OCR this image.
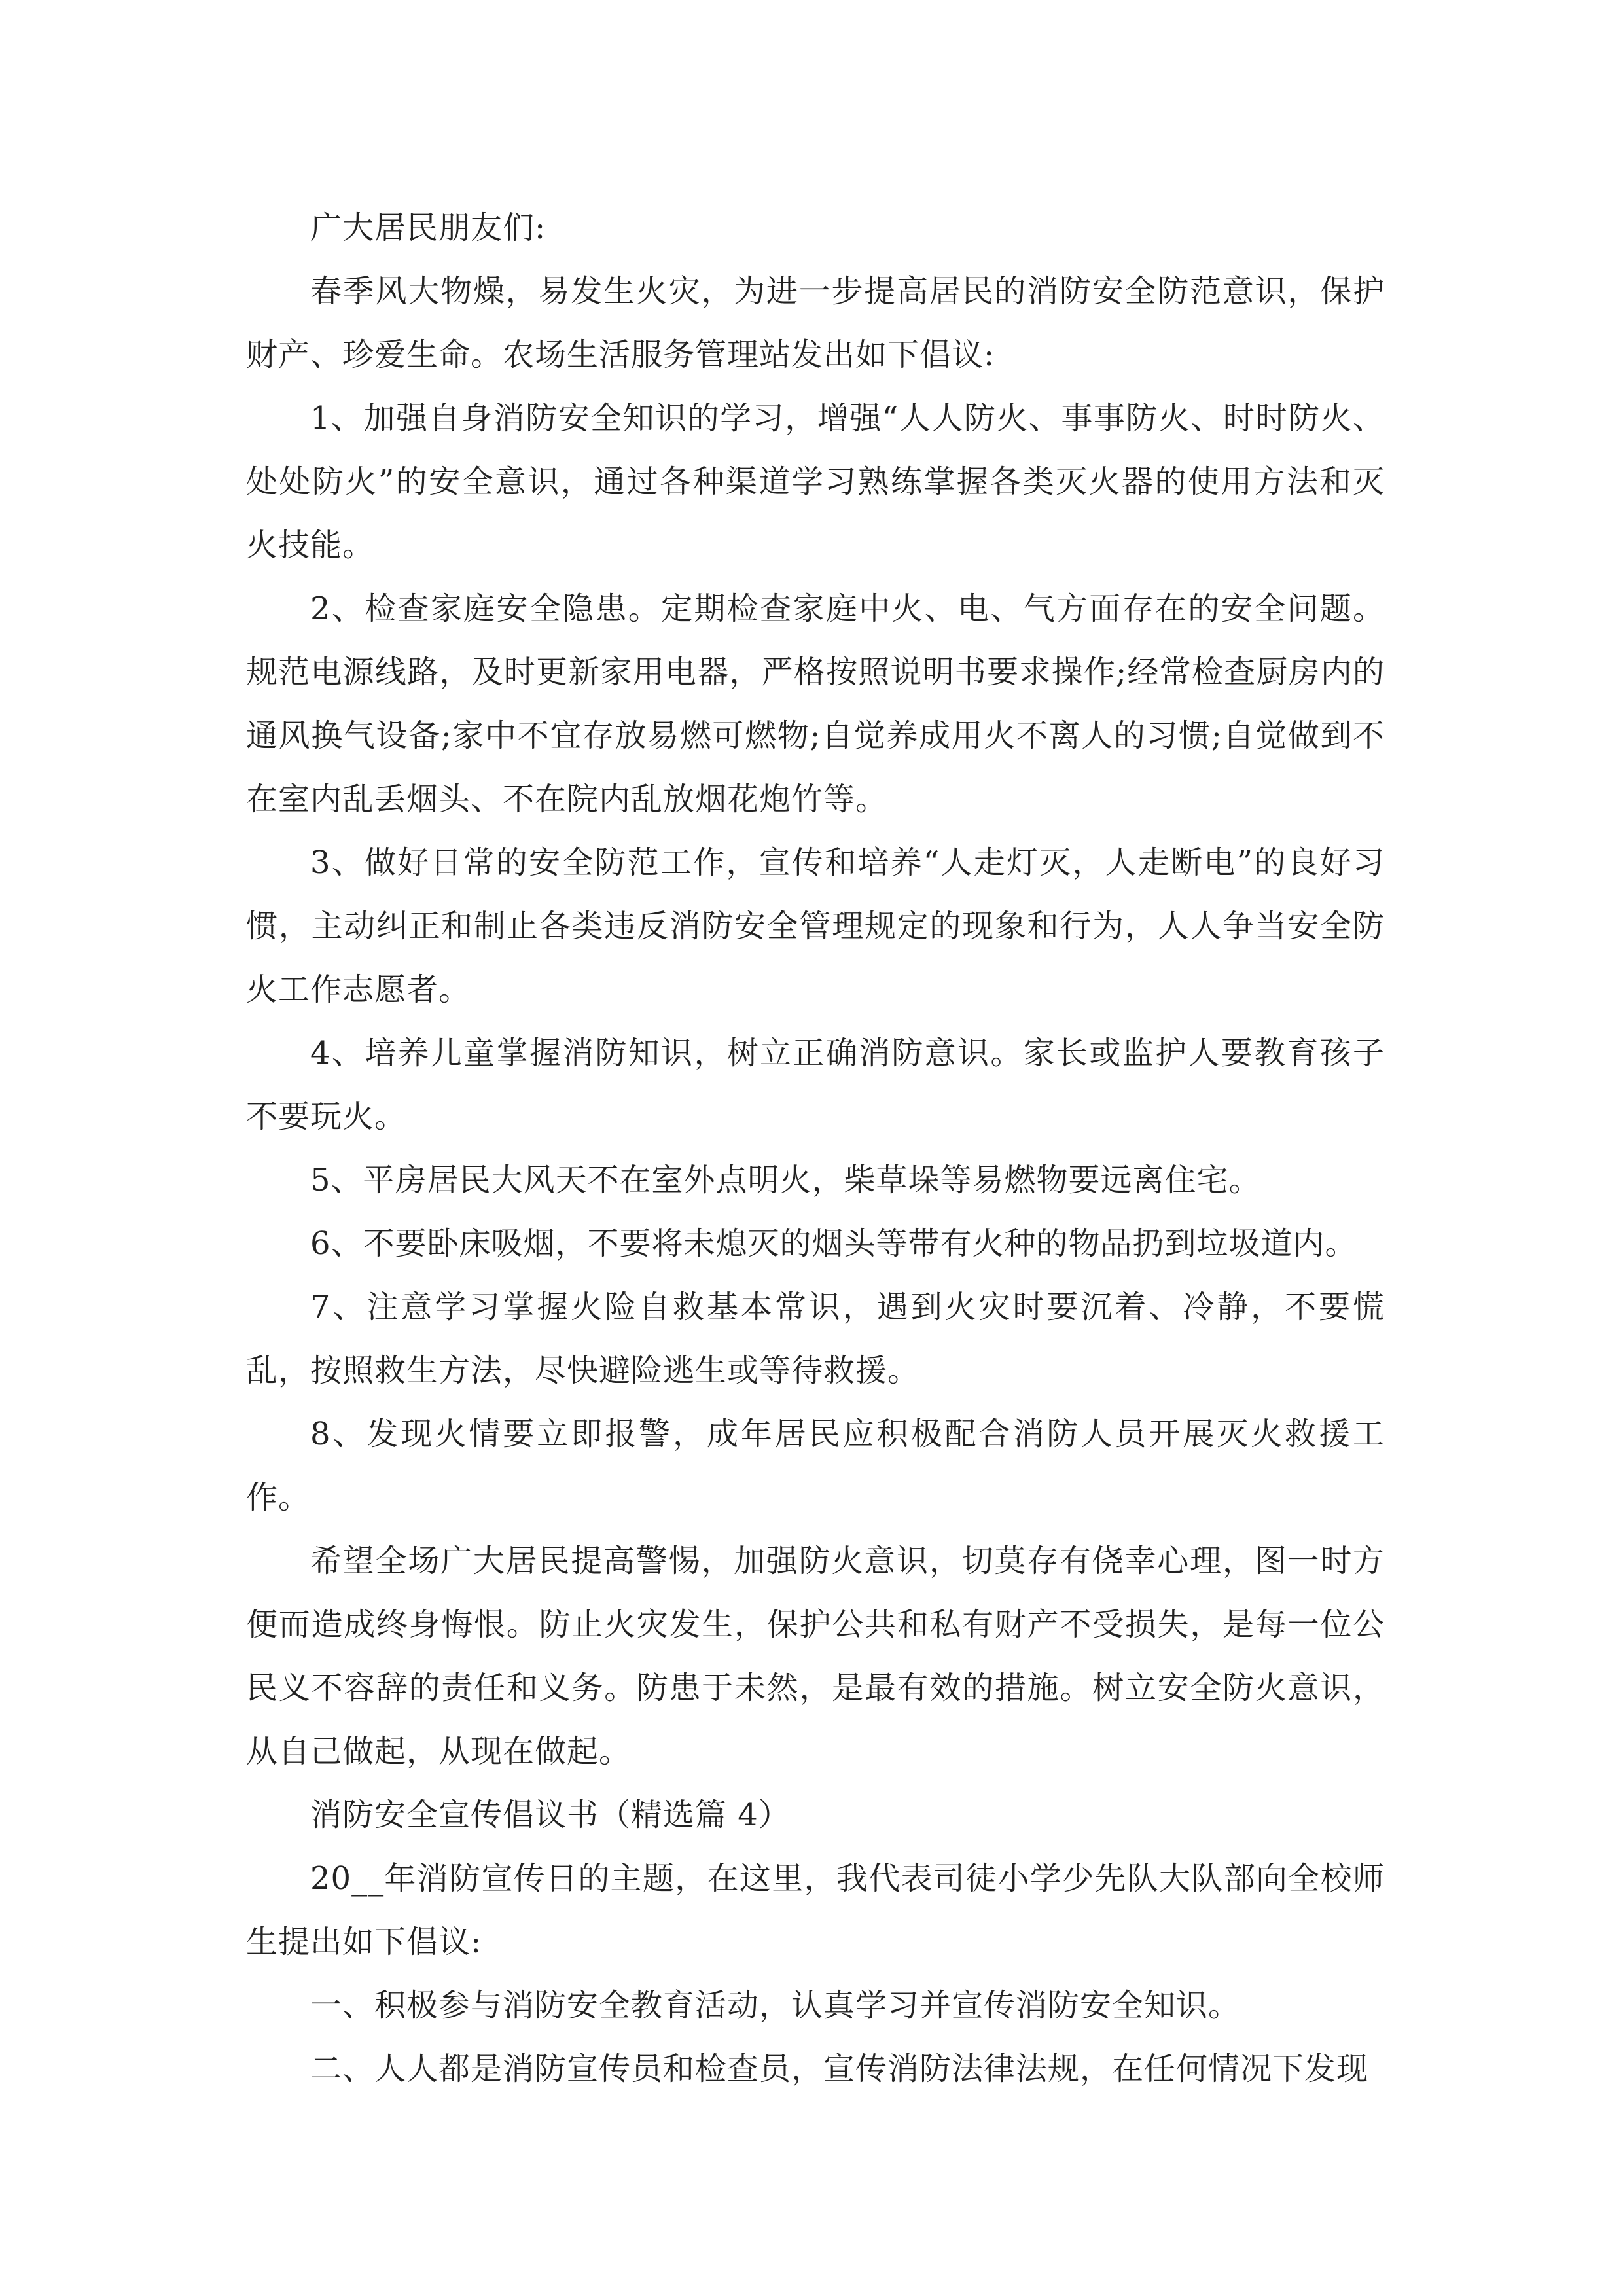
广大居民朋友们:

春季风大物燥，易发生火灾，为进一步提高居民的消防安全防范意识，保护财产、珍爱生命。农场生活服务管理站发出如下倡议:

1、加强自身消防安全知识的学习，增强“人人防火、事事防火、时时防火、处处防火”的安全意识，通过各种渠道学习熟练掌握各类灭火器的使用方法和灭火技能。

2、检查家庭安全隐患。定期检查家庭中火、电、气方面存在的安全问题。规范电源线路，及时更新家用电器，严格按照说明书要求操作;经常检查厨房内的通风换气设备;家中不宜存放易燃可燃物;自觉养成用火不离人的习惯;自觉做到不在室内乱丢烟头、不在院内乱放烟花炮竹等。

3、做好日常的安全防范工作，宣传和培养“人走灯灭，人走断电”的良好习惯，主动纠正和制止各类违反消防安全管理规定的现象和行为，人人争当安全防火工作志愿者。

4、培养儿童掌握消防知识，树立正确消防意识。家长或监护人要教育孩子不要玩火。

5、平房居民大风天不在室外点明火，柴草垛等易燃物要远离住宅。

6、不要卧床吸烟，不要将未熄灭的烟头等带有火种的物品扔到垃圾道内。

7、注意学习掌握火险自救基本常识，遇到火灾时要沉着、冷静，不要慌乱，按照救生方法，尽快避险逃生或等待救援。

8、发现火情要立即报警，成年居民应积极配合消防人员开展灭火救援工作。

希望全场广大居民提高警惕，加强防火意识，切莫存有侥幸心理，图一时方便而造成终身悔恨。防止火灾发生，保护公共和私有财产不受损失，是每一位公民义不容辞的责任和义务。防患于未然，是最有效的措施。树立安全防火意识，从自己做起，从现在做起。

消防安全宣传倡议书（精选篇 4）

20__年消防宣传日的主题，在这里，我代表司徒小学少先队大队部向全校师生提出如下倡议:

一、积极参与消防安全教育活动，认真学习并宣传消防安全知识。

二、人人都是消防宣传员和检查员，宣传消防法律法规，在任何情况下发现
